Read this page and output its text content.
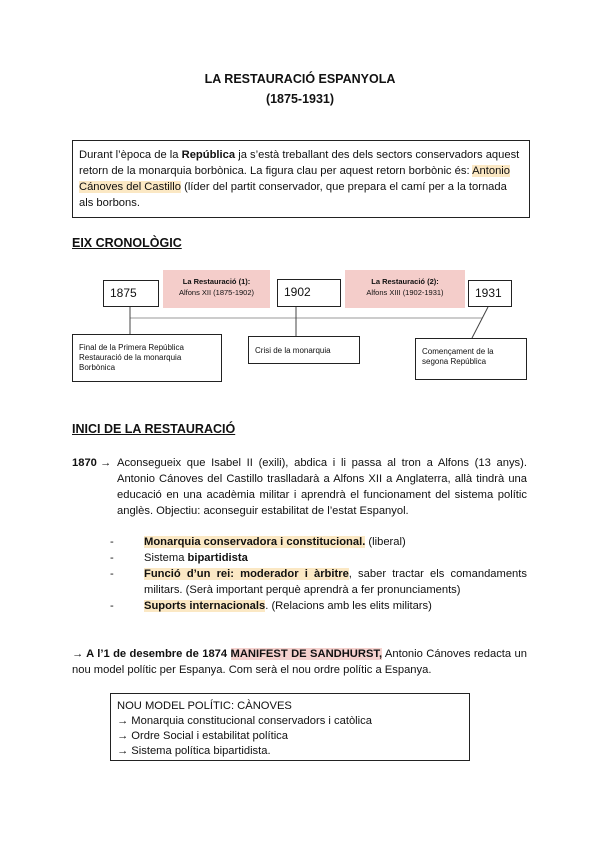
LA RESTAURACIÓ ESPANYOLA
(1875-1931)
Durant l’època de la República ja s’està treballant des dels sectors conservadors aquest retorn de la monarquia borbònica. La figura clau per aquest retorn borbònic és: Antonio Cánoves del Castillo (líder del partit conservador, que prepara el camí per a la tornada als borbons.
EIX CRONOLÒGIC
1875
La Restauració (1):
Alfons XII (1875-1902)	1902
La Restauració (2):
Alfons XIII (1902-1931)	1931
Final de la Primera República
Restauració de la monarquia
Borbònica
Crisi de la monarquia	Començament de la
segona República
INICI DE LA RESTAURACIÓ
1870 → Aconsegueix que Isabel II (exili), abdica i li passa al tron a Alfons (13 anys). Antonio Cánoves del Castillo traslladarà a Alfons XII a Anglaterra, allà tindrà una educació en una acadèmia militar i aprendrà el funcionament del sistema polític anglès. Objectiu: aconseguir estabilitat de l’estat Espanyol.
-	Monarquia conservadora i constitucional. (liberal)
-	Sistema bipartidista
-	Funció d’un rei: moderador i àrbitre, saber tractar els comandaments militars. (Serà important perquè aprendrà a fer pronunciaments)
-	Suports internacionals. (Relacions amb les elits militars)
→ A l’1 de desembre de 1874 MANIFEST DE SANDHURST, Antonio Cánoves redacta un nou model polític per Espanya. Com serà el nou ordre polític a Espanya.
NOU MODEL POLÍTIC: CÀNOVES
→ Monarquia constitucional conservadors i catòlica
→ Ordre Social i estabilitat política
→ Sistema política bipartidista.
